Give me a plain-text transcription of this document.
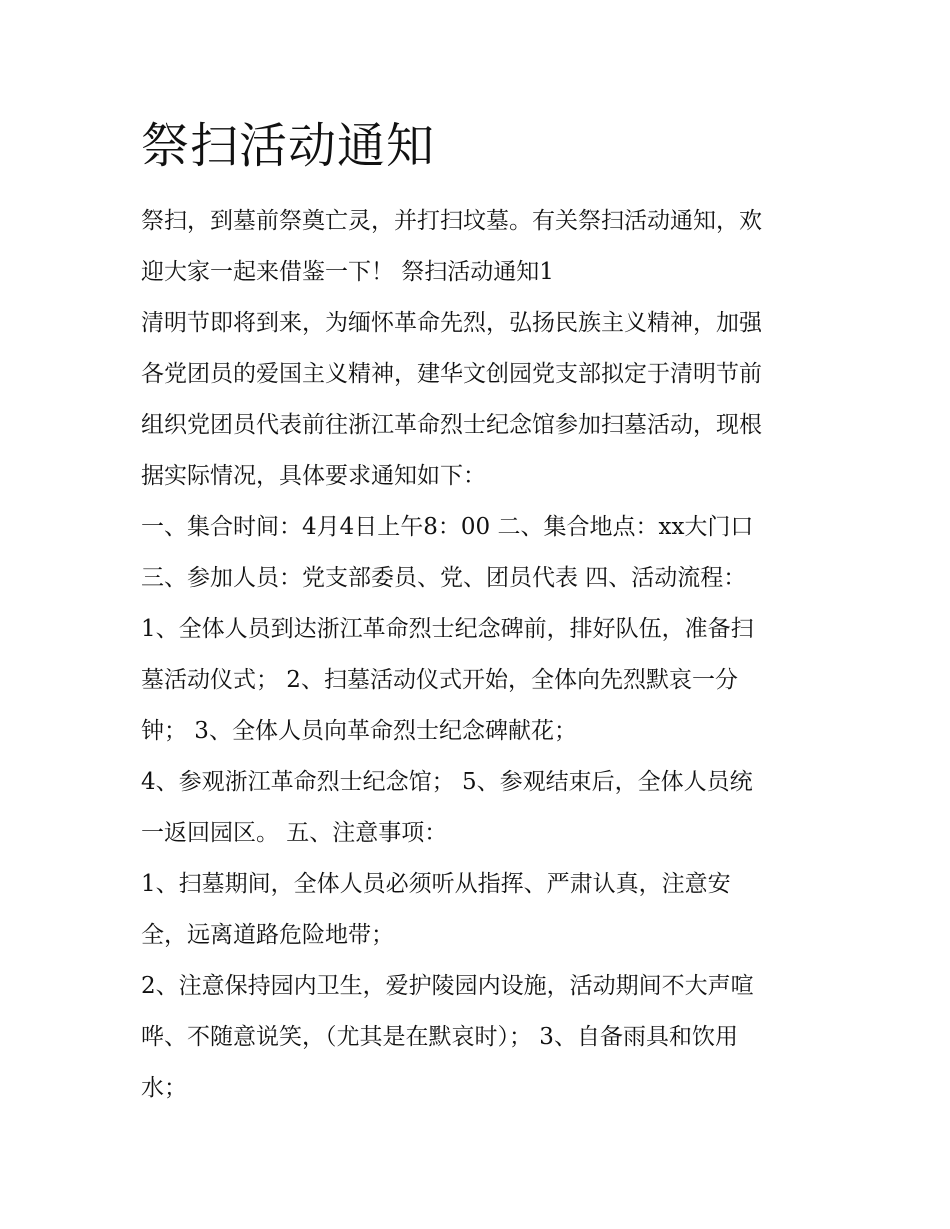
祭扫活动通知

祭扫，到墓前祭奠亡灵，并打扫坟墓。有关祭扫活动通知，欢
迎大家一起来借鉴一下！ 祭扫活动通知1

清明节即将到来，为缅怀革命先烈，弘扬民族主义精神，加强
各党团员的爱国主义精神，建华文创园党支部拟定于清明节前
组织党团员代表前往浙江革命烈士纪念馆参加扫墓活动，现根
据实际情况，具体要求通知如下：

一、集合时间：4月4日上午8：00 二、集合地点：xx大门口
三、参加人员：党支部委员、党、团员代表 四、活动流程：

1、全体人员到达浙江革命烈士纪念碑前，排好队伍，准备扫
墓活动仪式； 2、扫墓活动仪式开始，全体向先烈默哀一分
钟； 3、全体人员向革命烈士纪念碑献花；

4、参观浙江革命烈士纪念馆； 5、参观结束后，全体人员统
一返回园区。 五、注意事项：

1、扫墓期间，全体人员必须听从指挥、严肃认真，注意安
全，远离道路危险地带；

2、注意保持园内卫生，爱护陵园内设施，活动期间不大声喧
哗、不随意说笑，（尤其是在默哀时）； 3、自备雨具和饮用
水；
